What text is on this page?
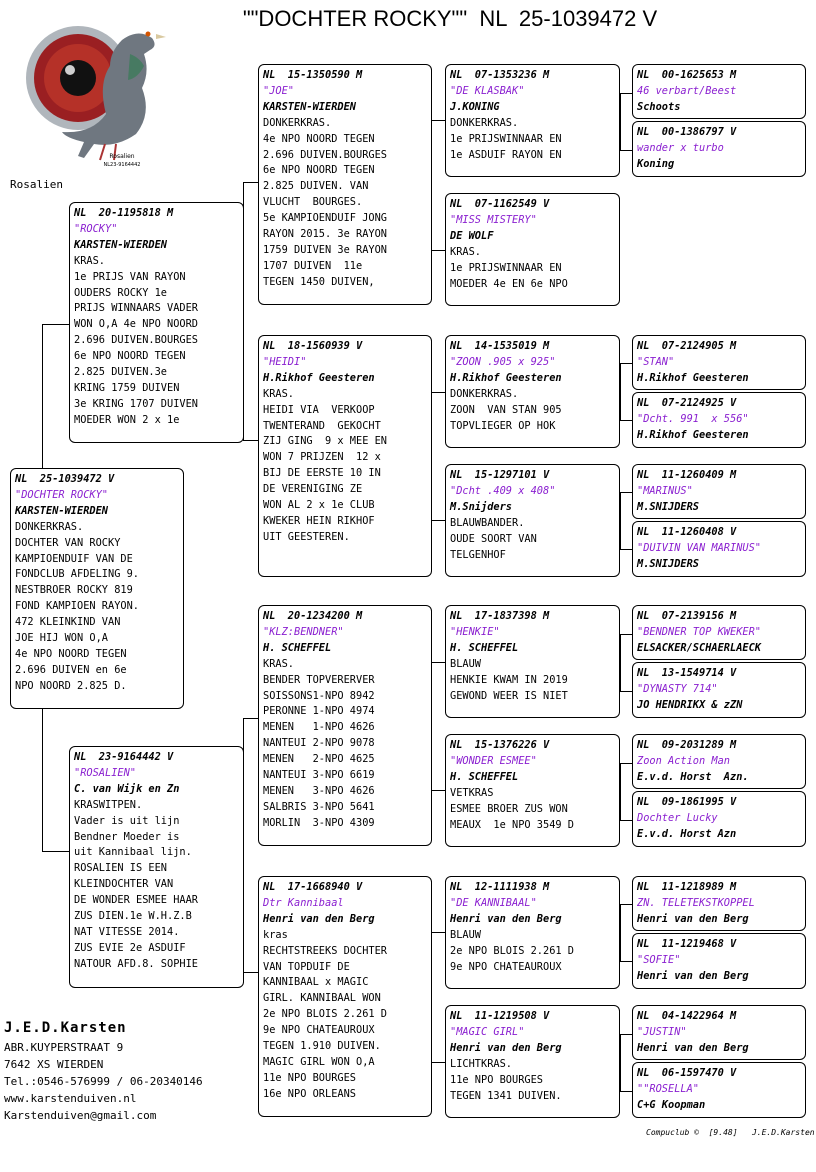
""DOCHTER ROCKY""  NL  25-1039472 V
Rosalien
NL23-9164442
Rosalien
NL  25-1039472 V
"DOCHTER ROCKY"
KARSTEN-WIERDEN
DONKERKRAS.
DOCHTER VAN ROCKY
KAMPIOENDUIF VAN DE
FONDCLUB AFDELING 9.
NESTBROER ROCKY 819
FOND KAMPIOEN RAYON.
472 KLEINKIND VAN
JOE HIJ WON O,A
4e NPO NOORD TEGEN
2.696 DUIVEN en 6e
NPO NOORD 2.825 D.
NL  20-1195818 M
"ROCKY"
KARSTEN-WIERDEN
KRAS.
1e PRIJS VAN RAYON
OUDERS ROCKY 1e
PRIJS WINNAARS VADER
WON O,A 4e NPO NOORD
2.696 DUIVEN.BOURGES
6e NPO NOORD TEGEN
2.825 DUIVEN.3e
KRING 1759 DUIVEN
3e KRING 1707 DUIVEN
MOEDER WON 2 x 1e
NL  23-9164442 V
"ROSALIEN"
C. van Wijk en Zn
KRASWITPEN.
Vader is uit lijn
Bendner Moeder is
uit Kannibaal lijn.
ROSALIEN IS EEN
KLEINDOCHTER VAN
DE WONDER ESMEE HAAR
ZUS DIEN.1e W.H.Z.B
NAT VITESSE 2014.
ZUS EVIE 2e ASDUIF
NATOUR AFD.8. SOPHIE
NL  15-1350590 M
"JOE"
KARSTEN-WIERDEN
DONKERKRAS.
4e NPO NOORD TEGEN
2.696 DUIVEN.BOURGES
6e NPO NOORD TEGEN
2.825 DUIVEN. VAN
VLUCHT  BOURGES.
5e KAMPIOENDUIF JONG
RAYON 2015. 3e RAYON
1759 DUIVEN 3e RAYON
1707 DUIVEN  11e
TEGEN 1450 DUIVEN,
NL  18-1560939 V
"HEIDI"
H.Rikhof Geesteren
KRAS.
HEIDI VIA  VERKOOP
TWENTERAND  GEKOCHT
ZIJ GING  9 x MEE EN
WON 7 PRIJZEN  12 x
BIJ DE EERSTE 10 IN
DE VERENIGING ZE
WON AL 2 x 1e CLUB
KWEKER HEIN RIKHOF
UIT GEESTEREN.
NL  20-1234200 M
"KLZ:BENDNER"
H. SCHEFFEL
KRAS.
BENDER TOPVERERVER
SOISSONS1-NPO 8942
PERONNE 1-NPO 4974
MENEN   1-NPO 4626
NANTEUI 2-NPO 9078
MENEN   2-NPO 4625
NANTEUI 3-NPO 6619
MENEN   3-NPO 4626
SALBRIS 3-NPO 5641
MORLIN  3-NPO 4309
NL  17-1668940 V
Dtr Kannibaal
Henri van den Berg
kras
RECHTSTREEKS DOCHTER
VAN TOPDUIF DE
KANNIBAAL x MAGIC
GIRL. KANNIBAAL WON
2e NPO BLOIS 2.261 D
9e NPO CHATEAUROUX
TEGEN 1.910 DUIVEN.
MAGIC GIRL WON O,A
11e NPO BOURGES
16e NPO ORLEANS
NL  07-1353236 M
"DE KLASBAK"
J.KONING
DONKERKRAS.
1e PRIJSWINNAAR EN
1e ASDUIF RAYON EN
NL  07-1162549 V
"MISS MISTERY"
DE WOLF
KRAS.
1e PRIJSWINNAAR EN
MOEDER 4e EN 6e NPO
NL  14-1535019 M
"ZOON .905 x 925"
H.Rikhof Geesteren
DONKERKRAS.
ZOON  VAN STAN 905
TOPVLIEGER OP HOK
NL  15-1297101 V
"Dcht .409 x 408"
M.Snijders
BLAUWBANDER.
OUDE SOORT VAN
TELGENHOF
NL  17-1837398 M
"HENKIE"
H. SCHEFFEL
BLAUW
HENKIE KWAM IN 2019
GEWOND WEER IS NIET
NL  15-1376226 V
"WONDER ESMEE"
H. SCHEFFEL
VETKRAS
ESMEE BROER ZUS WON
MEAUX  1e NPO 3549 D
NL  12-1111938 M
"DE KANNIBAAL"
Henri van den Berg
BLAUW
2e NPO BLOIS 2.261 D
9e NPO CHATEAUROUX
NL  11-1219508 V
"MAGIC GIRL"
Henri van den Berg
LICHTKRAS.
11e NPO BOURGES
TEGEN 1341 DUIVEN.
NL  00-1625653 M
46 verbart/Beest
Schoots
NL  00-1386797 V
wander x turbo
Koning
NL  07-2124905 M
"STAN"
H.Rikhof Geesteren
NL  07-2124925 V
"Dcht. 991  x 556"
H.Rikhof Geesteren
NL  11-1260409 M
"MARINUS"
M.SNIJDERS
NL  11-1260408 V
"DUIVIN VAN MARINUS"
M.SNIJDERS
NL  07-2139156 M
"BENDNER TOP KWEKER"
ELSACKER/SCHAERLAECK
NL  13-1549714 V
"DYNASTY 714"
JO HENDRIKX & zZN
NL  09-2031289 M
Zoon Action Man
E.v.d. Horst  Azn.
NL  09-1861995 V
Dochter Lucky
E.v.d. Horst Azn
NL  11-1218989 M
ZN. TELETEKSTKOPPEL
Henri van den Berg
NL  11-1219468 V
"SOFIE"
Henri van den Berg
NL  04-1422964 M
"JUSTIN"
Henri van den Berg
NL  06-1597470 V
""ROSELLA"
C+G Koopman
J.E.D.Karsten
ABR.KUYPERSTRAAT 9
7642 XS WIERDEN
Tel.:0546-576999 / 06-20340146
www.karstenduiven.nl
Karstenduiven@gmail.com
Compuclub ©  [9.48]   J.E.D.Karsten
